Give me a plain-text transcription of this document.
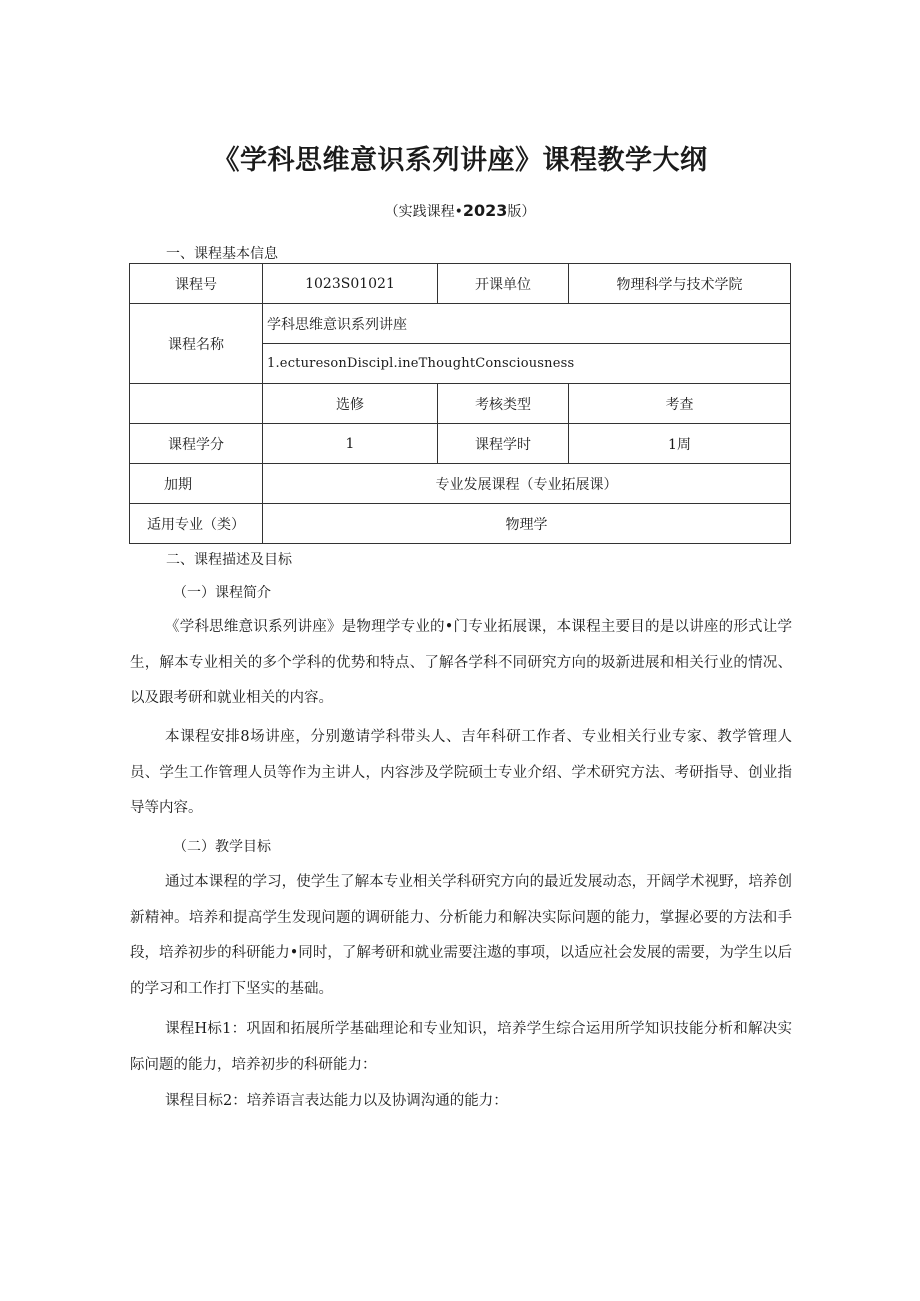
《学科思维意识系列讲座》课程教学大纲
（实践课程•2023版）
一、课程基本信息
课程号	1023S01021	开课单位	物理科学与技术学院
课程名称	学科思维意识系列讲座		
	1.ecturesonDiscipl.ineThoughtConsciousness		
	选修	考核类型	考查
课程学分	1	课程学时	1周
加期	专业发展课程（专业拓展课）		
适用专业（类）	物理学		
二、课程描述及目标
（一）课程简介

《学科思维意识系列讲座》是物理学专业的•门专业拓展课，本课程主要目的是以讲座的形式让学生，解本专业相关的多个学科的优势和特点、了解各学科不同研究方向的圾新进展和相关行业的情况、以及跟考研和就业相关的内容。

本课程安排8场讲座，分别邀请学科带头人、吉年科研工作者、专业相关行业专家、教学管理人员、学生工作管理人员等作为主讲人，内容涉及学院硕士专业介绍、学术研究方法、考研指导、创业指导等内容。

（二）教学目标

通过本课程的学习，使学生了解本专业相关学科研究方向的最近发展动态，开阔学术视野，培养创新精神。培养和提高学生发现问题的调研能力、分析能力和解决实际问题的能力，掌握必要的方法和手段，培养初步的科研能力•同时，了解考研和就业需要注遨的事项，以适应社会发展的需要，为学生以后的学习和工作打下坚实的基础。

课程H标1：巩固和拓展所学基础理论和专业知识，培养学生综合运用所学知识技能分析和解决实际问题的能力，培养初步的科研能力：

课程目标2：培养语言表达能力以及协调沟通的能力：
